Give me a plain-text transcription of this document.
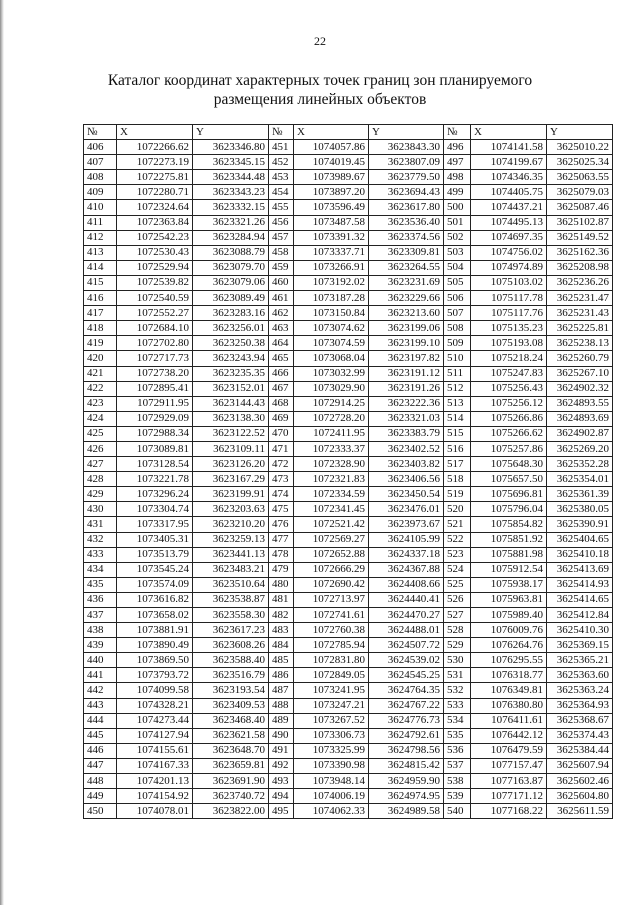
22
Каталог координат характерных точек границ зон планируемого
размещения линейных объектов
№	X	Y	№	X	Y	№	X	Y
406	1072266.62	3623346.80	451	1074057.86	3623843.30	496	1074141.58	3625010.22
407	1072273.19	3623345.15	452	1074019.45	3623807.09	497	1074199.67	3625025.34
408	1072275.81	3623344.48	453	1073989.67	3623779.50	498	1074346.35	3625063.55
409	1072280.71	3623343.23	454	1073897.20	3623694.43	499	1074405.75	3625079.03
410	1072324.64	3623332.15	455	1073596.49	3623617.80	500	1074437.21	3625087.46
411	1072363.84	3623321.26	456	1073487.58	3623536.40	501	1074495.13	3625102.87
412	1072542.23	3623284.94	457	1073391.32	3623374.56	502	1074697.35	3625149.52
413	1072530.43	3623088.79	458	1073337.71	3623309.81	503	1074756.02	3625162.36
414	1072529.94	3623079.70	459	1073266.91	3623264.55	504	1074974.89	3625208.98
415	1072539.82	3623079.06	460	1073192.02	3623231.69	505	1075103.02	3625236.26
416	1072540.59	3623089.49	461	1073187.28	3623229.66	506	1075117.78	3625231.47
417	1072552.27	3623283.16	462	1073150.84	3623213.60	507	1075117.76	3625231.43
418	1072684.10	3623256.01	463	1073074.62	3623199.06	508	1075135.23	3625225.81
419	1072702.80	3623250.38	464	1073074.59	3623199.10	509	1075193.08	3625238.13
420	1072717.73	3623243.94	465	1073068.04	3623197.82	510	1075218.24	3625260.79
421	1072738.20	3623235.35	466	1073032.99	3623191.12	511	1075247.83	3625267.10
422	1072895.41	3623152.01	467	1073029.90	3623191.26	512	1075256.43	3624902.32
423	1072911.95	3623144.43	468	1072914.25	3623222.36	513	1075256.12	3624893.55
424	1072929.09	3623138.30	469	1072728.20	3623321.03	514	1075266.86	3624893.69
425	1072988.34	3623122.52	470	1072411.95	3623383.79	515	1075266.62	3624902.87
426	1073089.81	3623109.11	471	1072333.37	3623402.52	516	1075257.86	3625269.20
427	1073128.54	3623126.20	472	1072328.90	3623403.82	517	1075648.30	3625352.28
428	1073221.78	3623167.29	473	1072321.83	3623406.56	518	1075657.50	3625354.01
429	1073296.24	3623199.91	474	1072334.59	3623450.54	519	1075696.81	3625361.39
430	1073304.74	3623203.63	475	1072341.45	3623476.01	520	1075796.04	3625380.05
431	1073317.95	3623210.20	476	1072521.42	3623973.67	521	1075854.82	3625390.91
432	1073405.31	3623259.13	477	1072569.27	3624105.99	522	1075851.92	3625404.65
433	1073513.79	3623441.13	478	1072652.88	3624337.18	523	1075881.98	3625410.18
434	1073545.24	3623483.21	479	1072666.29	3624367.88	524	1075912.54	3625413.69
435	1073574.09	3623510.64	480	1072690.42	3624408.66	525	1075938.17	3625414.93
436	1073616.82	3623538.87	481	1072713.97	3624440.41	526	1075963.81	3625414.65
437	1073658.02	3623558.30	482	1072741.61	3624470.27	527	1075989.40	3625412.84
438	1073881.91	3623617.23	483	1072760.38	3624488.01	528	1076009.76	3625410.30
439	1073890.49	3623608.26	484	1072785.94	3624507.72	529	1076264.76	3625369.15
440	1073869.50	3623588.40	485	1072831.80	3624539.02	530	1076295.55	3625365.21
441	1073793.72	3623516.79	486	1072849.05	3624545.25	531	1076318.77	3625363.60
442	1074099.58	3623193.54	487	1073241.95	3624764.35	532	1076349.81	3625363.24
443	1074328.21	3623409.53	488	1073247.21	3624767.22	533	1076380.80	3625364.93
444	1074273.44	3623468.40	489	1073267.52	3624776.73	534	1076411.61	3625368.67
445	1074127.94	3623621.58	490	1073306.73	3624792.61	535	1076442.12	3625374.43
446	1074155.61	3623648.70	491	1073325.99	3624798.56	536	1076479.59	3625384.44
447	1074167.33	3623659.81	492	1073390.98	3624815.42	537	1077157.47	3625607.94
448	1074201.13	3623691.90	493	1073948.14	3624959.90	538	1077163.87	3625602.46
449	1074154.92	3623740.72	494	1074006.19	3624974.95	539	1077171.12	3625604.80
450	1074078.01	3623822.00	495	1074062.33	3624989.58	540	1077168.22	3625611.59
